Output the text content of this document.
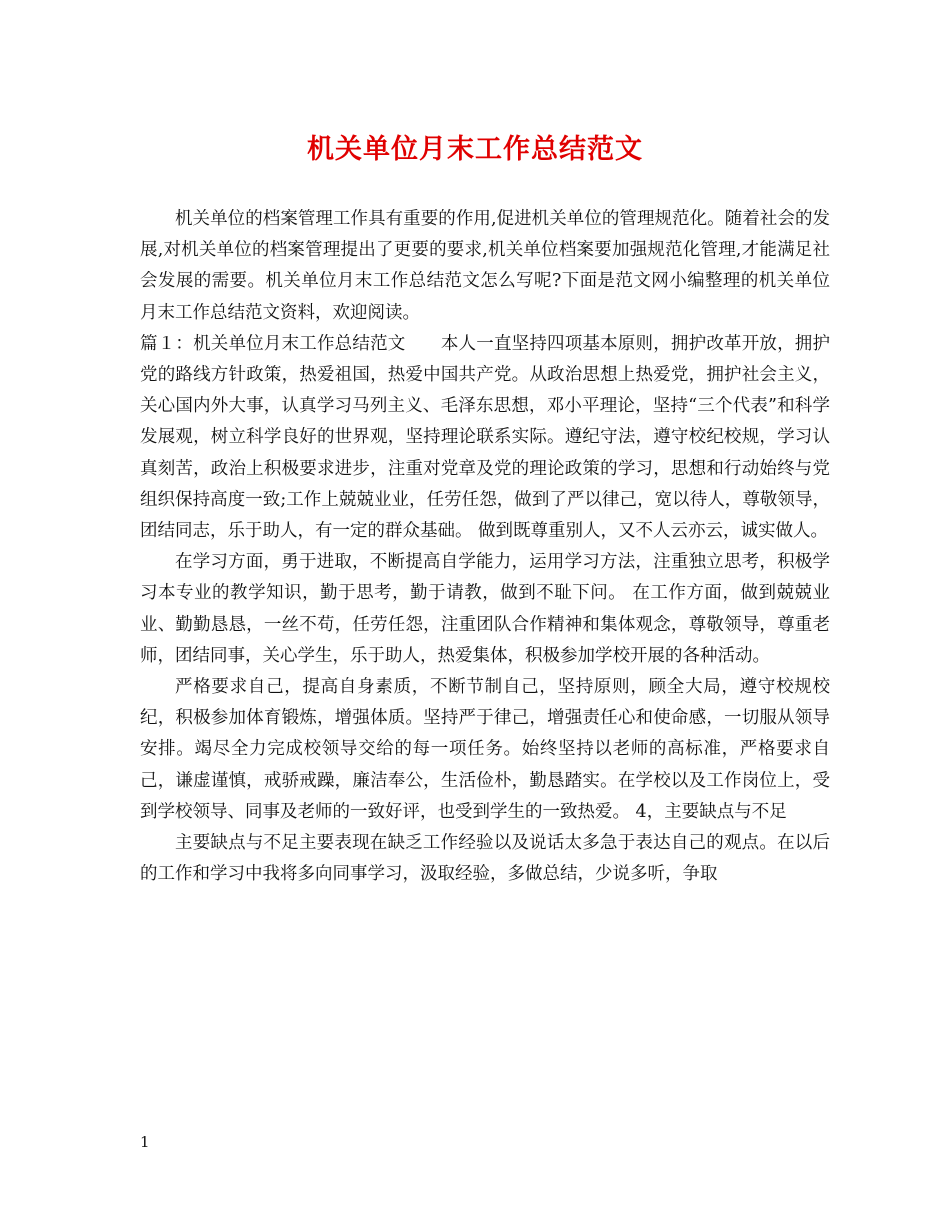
机关单位月末工作总结范文

机关单位的档案管理工作具有重要的作用,促进机关单位的管理规范化。随着社会的发展,对机关单位的档案管理提出了更要的要求,机关单位档案要加强规范化管理,才能满足社会发展的需要。机关单位月末工作总结范文怎么写呢?下面是范文网小编整理的机关单位月末工作总结范文资料，欢迎阅读。

篇１：机关单位月末工作总结范文　　本人一直坚持四项基本原则，拥护改革开放，拥护党的路线方针政策，热爱祖国，热爱中国共产党。从政治思想上热爱党，拥护社会主义，关心国内外大事，认真学习马列主义、毛泽东思想，邓小平理论，坚持“三个代表”和科学发展观，树立科学良好的世界观，坚持理论联系实际。遵纪守法，遵守校纪校规，学习认真刻苦，政治上积极要求进步，注重对党章及党的理论政策的学习，思想和行动始终与党组织保持高度一致;工作上兢兢业业，任劳任怨，做到了严以律己，宽以待人，尊敬领导，团结同志，乐于助人，有一定的群众基础。 做到既尊重别人，又不人云亦云，诚实做人。

在学习方面，勇于进取，不断提高自学能力，运用学习方法，注重独立思考，积极学习本专业的教学知识，勤于思考，勤于请教，做到不耻下问。 在工作方面，做到兢兢业业、勤勤恳恳，一丝不苟，任劳任怨，注重团队合作精神和集体观念，尊敬领导，尊重老师，团结同事，关心学生，乐于助人，热爱集体，积极参加学校开展的各种活动。

严格要求自己，提高自身素质，不断节制自己，坚持原则，顾全大局，遵守校规校纪，积极参加体育锻炼，增强体质。坚持严于律己，增强责任心和使命感，一切服从领导安排。竭尽全力完成校领导交给的每一项任务。始终坚持以老师的高标准，严格要求自己，谦虚谨慎，戒骄戒躁，廉洁奉公，生活俭朴，勤恳踏实。在学校以及工作岗位上，受到学校领导、同事及老师的一致好评，也受到学生的一致热爱。 4，主要缺点与不足

主要缺点与不足主要表现在缺乏工作经验以及说话太多急于表达自己的观点。在以后的工作和学习中我将多向同事学习，汲取经验，多做总结，少说多听，争取

1
